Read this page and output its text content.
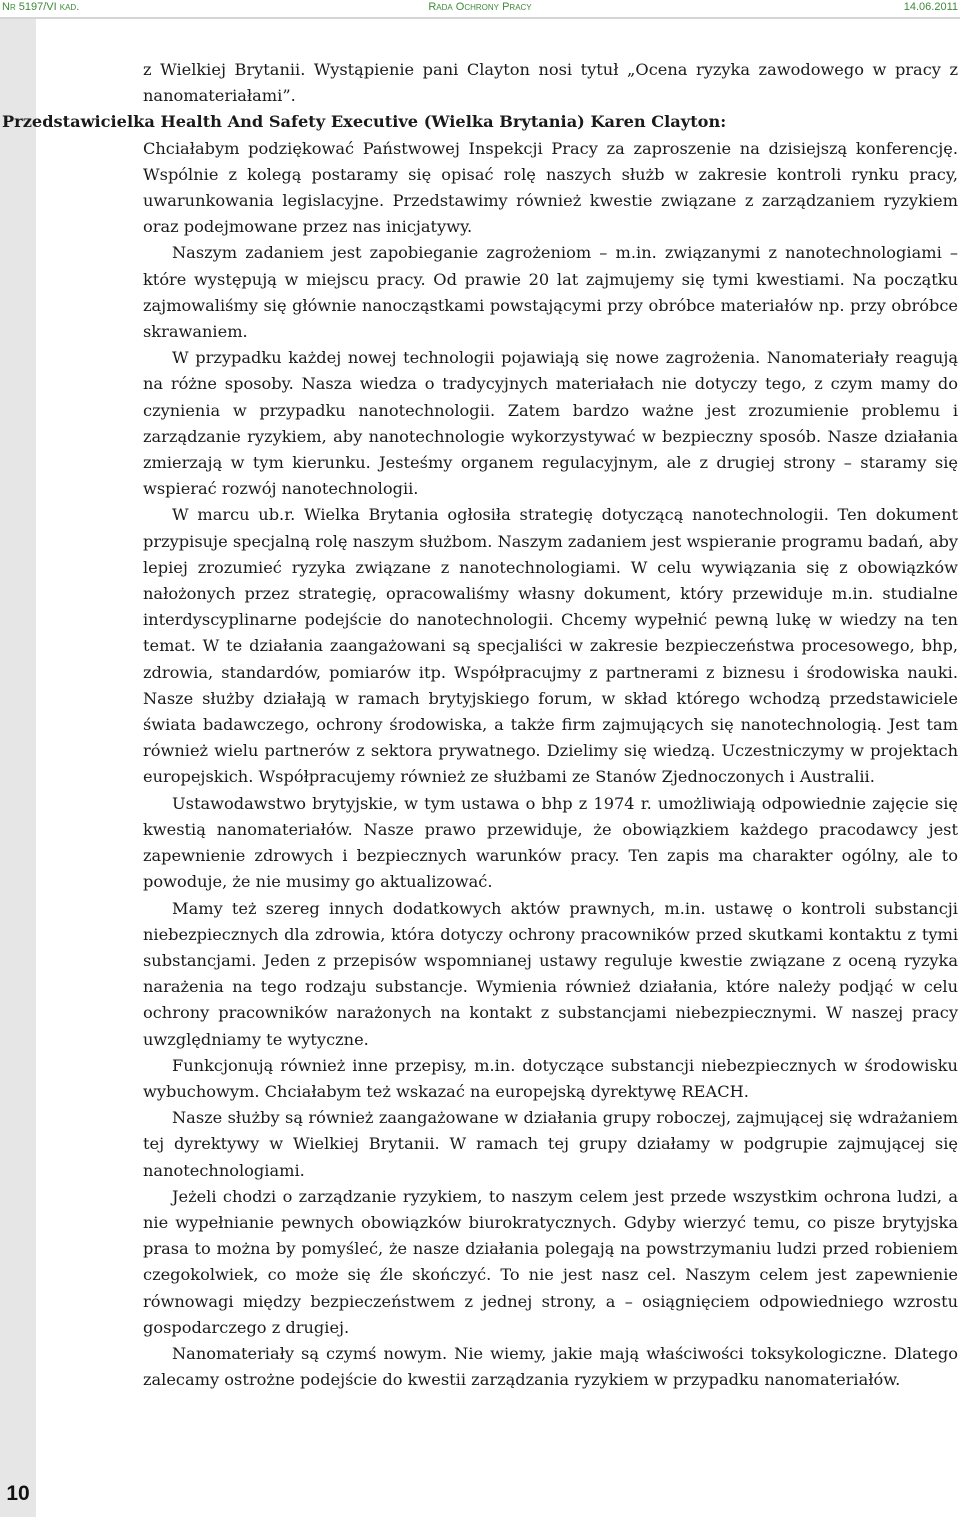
Nr 5197/VI kad.	Rada Ochrony Pracy	14.06.2011
10

z Wielkiej Brytanii. Wystąpienie pani Clayton nosi tytuł „Ocena ryzyka zawodowego w pracy z nanomateriałami”.

Przedstawicielka Health And Safety Executive (Wielka Brytania) Karen Clayton:
Chciałabym podziękować Państwowej Inspekcji Pracy za zaproszenie na dzisiejszą konferencję. Wspólnie z kolegą postaramy się opisać rolę naszych służb w zakresie kontroli rynku pracy, uwarunkowania legislacyjne. Przedstawimy również kwestie związane z zarządzaniem ryzykiem oraz podejmowane przez nas inicjatywy.

Naszym zadaniem jest zapobieganie zagrożeniom – m.in. związanymi z nanotechnologiami – które występują w miejscu pracy. Od prawie 20 lat zajmujemy się tymi kwestiami. Na początku zajmowaliśmy się głównie nanocząstkami powstającymi przy obróbce materiałów np. przy obróbce skrawaniem.

W przypadku każdej nowej technologii pojawiają się nowe zagrożenia. Nanomateriały reagują na różne sposoby. Nasza wiedza o tradycyjnych materiałach nie dotyczy tego, z czym mamy do czynienia w przypadku nanotechnologii. Zatem bardzo ważne jest zrozumienie problemu i zarządzanie ryzykiem, aby nanotechnologie wykorzystywać w bezpieczny sposób. Nasze działania zmierzają w tym kierunku. Jesteśmy organem regulacyjnym, ale z drugiej strony – staramy się wspierać rozwój nanotechnologii.

W marcu ub.r. Wielka Brytania ogłosiła strategię dotyczącą nanotechnologii. Ten dokument przypisuje specjalną rolę naszym służbom. Naszym zadaniem jest wspieranie programu badań, aby lepiej zrozumieć ryzyka związane z nanotechnologiami. W celu wywiązania się z obowiązków nałożonych przez strategię, opracowaliśmy własny dokument, który przewiduje m.in. studialne interdyscyplinarne podejście do nanotechnologii. Chcemy wypełnić pewną lukę w wiedzy na ten temat. W te działania zaangażowani są specjaliści w zakresie bezpieczeństwa procesowego, bhp, zdrowia, standardów, pomiarów itp. Współpracujmy z partnerami z biznesu i środowiska nauki. Nasze służby działają w ramach brytyjskiego forum, w skład którego wchodzą przedstawiciele świata badawczego, ochrony środowiska, a także firm zajmujących się nanotechnologią. Jest tam również wielu partnerów z sektora prywatnego. Dzielimy się wiedzą. Uczestniczymy w projektach europejskich. Współpracujemy również ze służbami ze Stanów Zjednoczonych i Australii.

Ustawodawstwo brytyjskie, w tym ustawa o bhp z 1974 r. umożliwiają odpowiednie zajęcie się kwestią nanomateriałów. Nasze prawo przewiduje, że obowiązkiem każdego pracodawcy jest zapewnienie zdrowych i bezpiecznych warunków pracy. Ten zapis ma charakter ogólny, ale to powoduje, że nie musimy go aktualizować.

Mamy też szereg innych dodatkowych aktów prawnych, m.in. ustawę o kontroli substancji niebezpiecznych dla zdrowia, która dotyczy ochrony pracowników przed skutkami kontaktu z tymi substancjami. Jeden z przepisów wspomnianej ustawy reguluje kwestie związane z oceną ryzyka narażenia na tego rodzaju substancje. Wymienia również działania, które należy podjąć w celu ochrony pracowników narażonych na kontakt z substancjami niebezpiecznymi. W naszej pracy uwzględniamy te wytyczne.

Funkcjonują również inne przepisy, m.in. dotyczące substancji niebezpiecznych w środowisku wybuchowym. Chciałabym też wskazać na europejską dyrektywę REACH.

Nasze służby są również zaangażowane w działania grupy roboczej, zajmującej się wdrażaniem tej dyrektywy w Wielkiej Brytanii. W ramach tej grupy działamy w podgrupie zajmującej się nanotechnologiami.

Jeżeli chodzi o zarządzanie ryzykiem, to naszym celem jest przede wszystkim ochrona ludzi, a nie wypełnianie pewnych obowiązków biurokratycznych. Gdyby wierzyć temu, co pisze brytyjska prasa to można by pomyśleć, że nasze działania polegają na powstrzymaniu ludzi przed robieniem czegokolwiek, co może się źle skończyć. To nie jest nasz cel. Naszym celem jest zapewnienie równowagi między bezpieczeństwem z jednej strony, a – osiągnięciem odpowiedniego wzrostu gospodarczego z drugiej.

Nanomateriały są czymś nowym. Nie wiemy, jakie mają właściwości toksykologiczne. Dlatego zalecamy ostrożne podejście do kwestii zarządzania ryzykiem w przypadku nanomateriałów.
